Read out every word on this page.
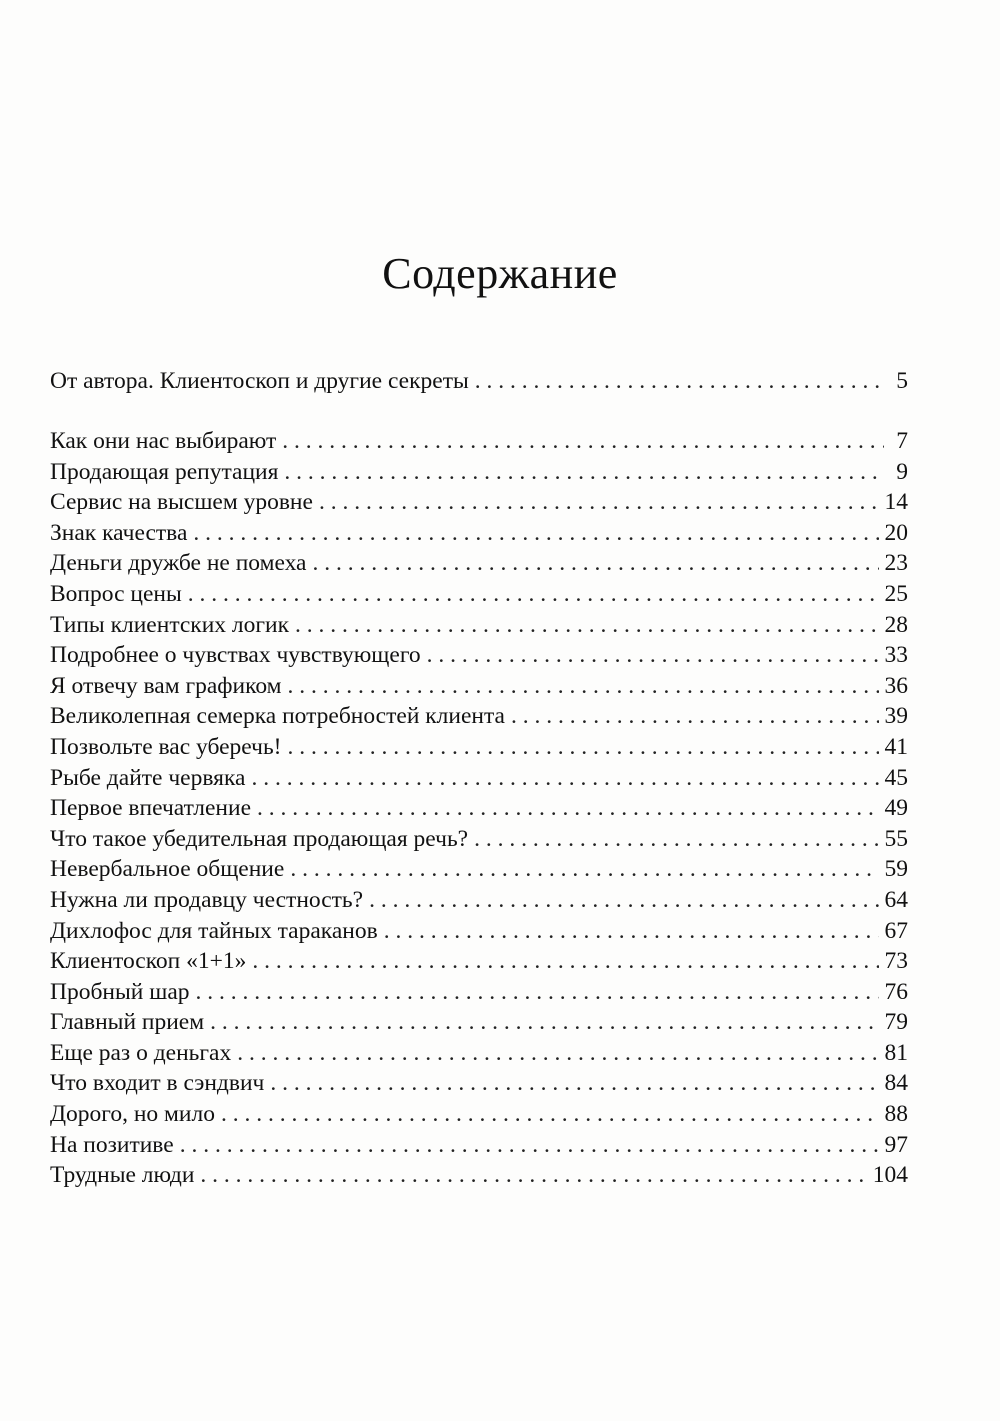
Содержание
От автора. Клиентоскоп и другие секреты . . .	5
Как они нас выбирают . . .	7
Продающая репутация . . .	9
Сервис на высшем уровне . . .	14
Знак качества . . .	20
Деньги дружбе не помеха . . .	23
Вопрос цены . . .	25
Типы клиентских логик . . .	28
Подробнее о чувствах чувствующего . . .	33
Я отвечу вам графиком . . .	36
Великолепная семерка потребностей клиента . . .	39
Позвольте вас уберечь! . . .	41
Рыбе дайте червяка . . .	45
Первое впечатление . . .	49
Что такое убедительная продающая речь? . . .	55
Невербальное общение . . .	59
Нужна ли продавцу честность? . . .	64
Дихлофос для тайных тараканов . . .	67
Клиентоскоп «1+1» . . .	73
Пробный шар . . .	76
Главный прием . . .	79
Еще раз о деньгах . . .	81
Что входит в сэндвич . . .	84
Дорого, но мило . . .	88
На позитиве . . .	97
Трудные люди . . .	104
